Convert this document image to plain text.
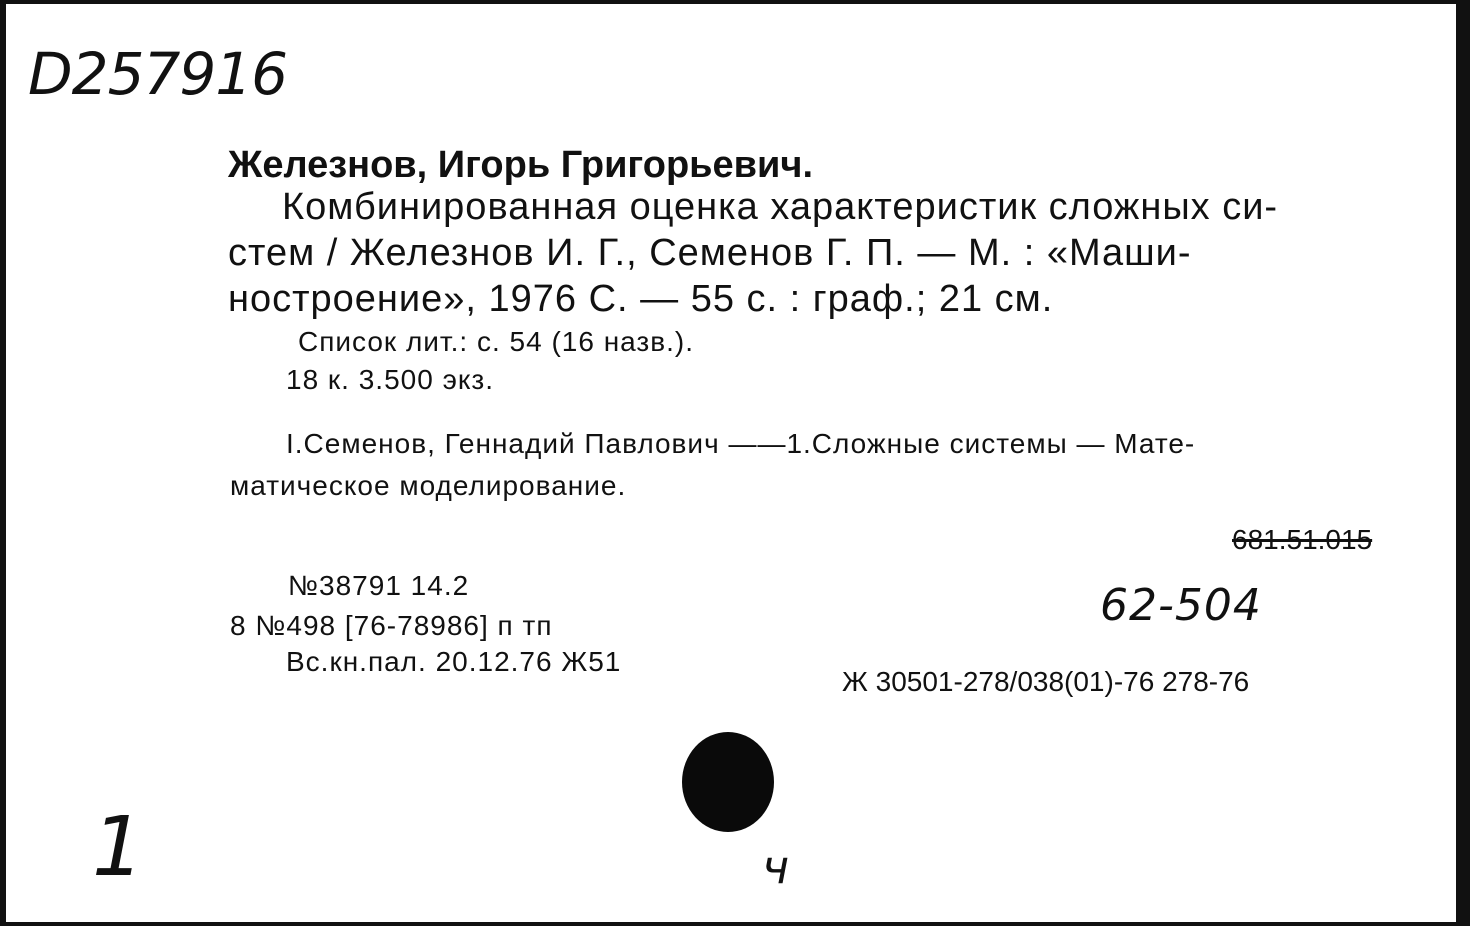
D257916
Железнов, Игорь Григорьевич.
Комбинированная оценка характеристик сложных си-
стем / Железнов И. Г., Семенов Г. П. — М. : «Маши-
ностроение», 1976 С. — 55 с. : граф.; 21 см.
Список лит.: с. 54 (16 назв.).
18 к. 3.500 экз.
I.Семенов, Геннадий Павлович ——1.Сложные системы — Мате-
матическое моделирование.
681.51.015
62-504
№38791 14.2
8 №498 [76-78986] п тп
Вс.кн.пал. 20.12.76 Ж51
Ж 30501-278/038(01)-76 278-76
1	ч
